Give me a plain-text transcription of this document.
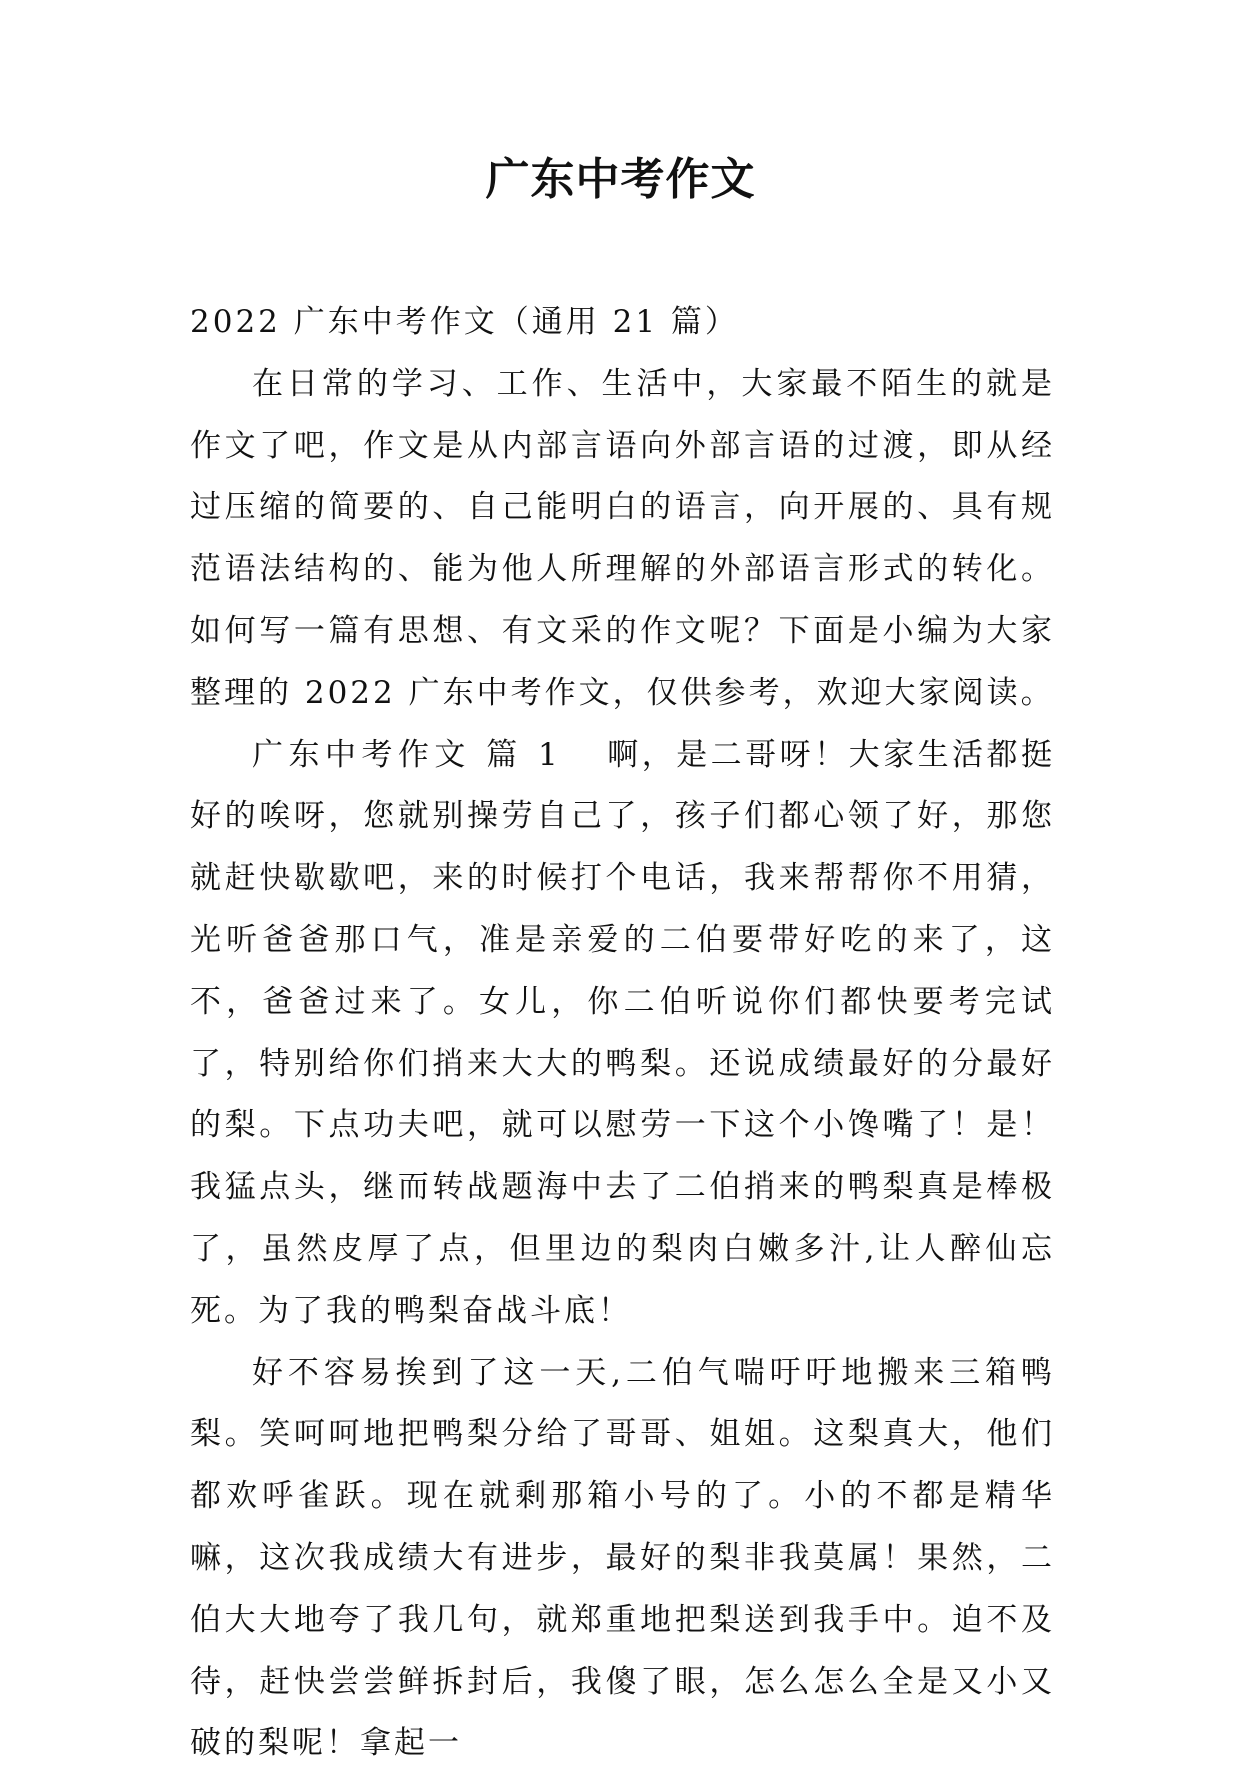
广东中考作文

2022 广东中考作文（通用 21 篇）

在日常的学习、工作、生活中，大家最不陌生的就是作文了吧，作文是从内部言语向外部言语的过渡，即从经过压缩的简要的、自己能明白的语言，向开展的、具有规范语法结构的、能为他人所理解的外部语言形式的转化。如何写一篇有思想、有文采的作文呢？下面是小编为大家整理的 2022 广东中考作文，仅供参考，欢迎大家阅读。

广东中考作文 篇 1 啊，是二哥呀！大家生活都挺好的唉呀，您就别操劳自己了，孩子们都心领了好，那您就赶快歇歇吧，来的时候打个电话，我来帮帮你不用猜，光听爸爸那口气，准是亲爱的二伯要带好吃的来了，这不，爸爸过来了。女儿，你二伯听说你们都快要考完试了，特别给你们捎来大大的鸭梨。还说成绩最好的分最好的梨。下点功夫吧，就可以慰劳一下这个小馋嘴了！是！我猛点头，继而转战题海中去了二伯捎来的鸭梨真是棒极了，虽然皮厚了点，但里边的梨肉白嫩多汁,让人醉仙忘死。为了我的鸭梨奋战斗底！

好不容易挨到了这一天,二伯气喘吁吁地搬来三箱鸭梨。笑呵呵地把鸭梨分给了哥哥、姐姐。这梨真大，他们都欢呼雀跃。现在就剩那箱小号的了。小的不都是精华嘛，这次我成绩大有进步，最好的梨非我莫属！果然，二伯大大地夸了我几句，就郑重地把梨送到我手中。迫不及待，赶快尝尝鲜拆封后，我傻了眼，怎么怎么全是又小又破的梨呢！拿起一
